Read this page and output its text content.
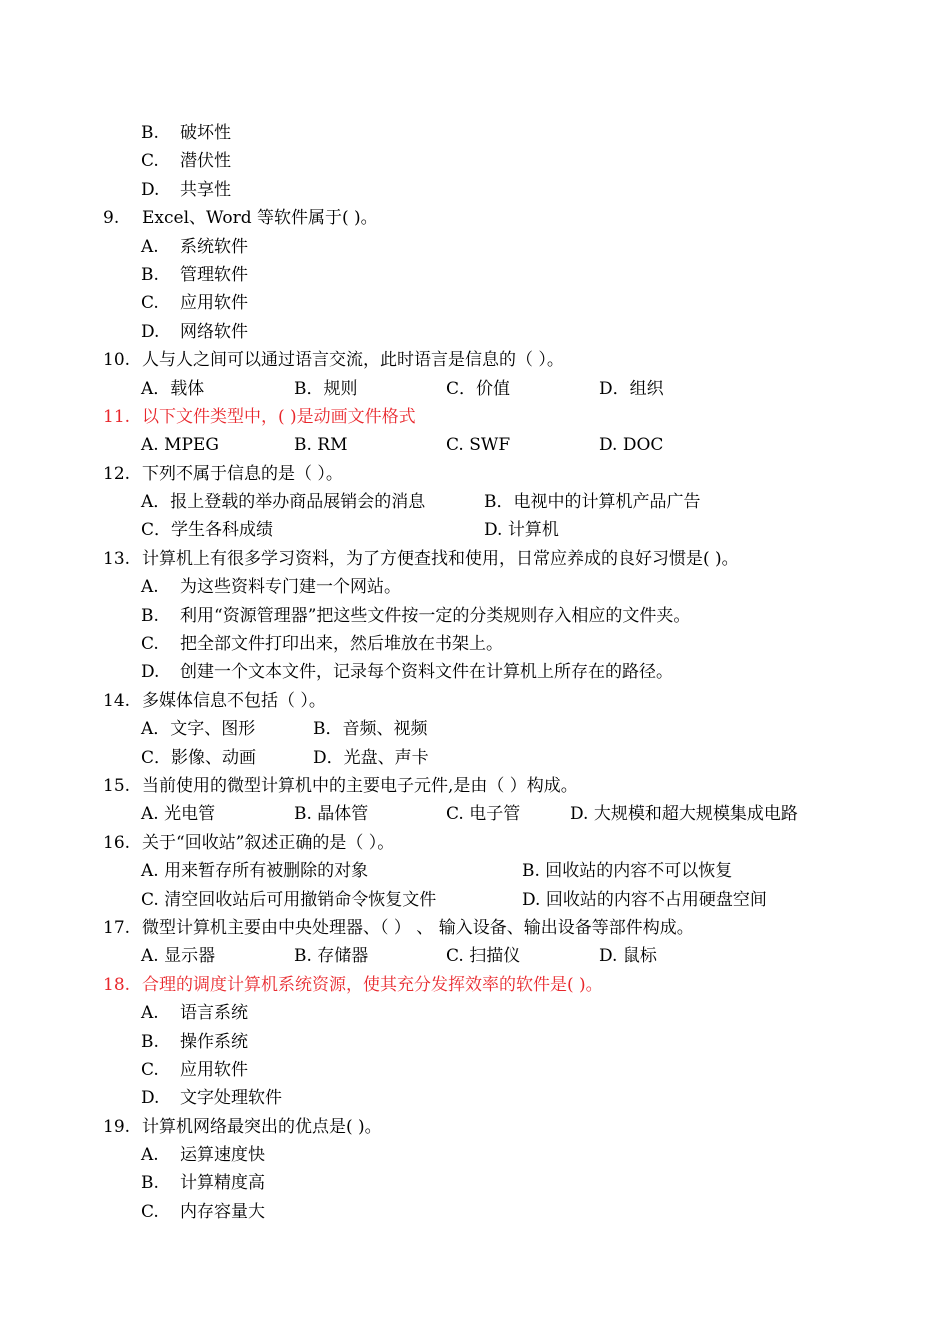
B. 破坏性
C. 潜伏性
D. 共享性
9. Excel、Word 等软件属于( )。
A. 系统软件
B. 管理软件
C. 应用软件
D. 网络软件
10. 人与人之间可以通过语言交流，此时语言是信息的（ ）。
A．载体	B．规则	C．价值	D．组织
11. 以下文件类型中，( )是动画文件格式
A. MPEG	B. RM	C. SWF	D. DOC
12. 下列不属于信息的是（ ）。
A．报上登载的举办商品展销会的消息	B．电视中的计算机产品广告
C．学生各科成绩	D. 计算机
13. 计算机上有很多学习资料，为了方便查找和使用，日常应养成的良好习惯是( )。
A. 为这些资料专门建一个网站。
B. 利用“资源管理器”把这些文件按一定的分类规则存入相应的文件夹。
C. 把全部文件打印出来，然后堆放在书架上。
D. 创建一个文本文件，记录每个资料文件在计算机上所存在的路径。
14. 多媒体信息不包括（ ）。
A．文字、图形	B．音频、视频
C．影像、动画	D．光盘、声卡
15. 当前使用的微型计算机中的主要电子元件,是由（ ）构成。
A. 光电管	B. 晶体管	C. 电子管	D. 大规模和超大规模集成电路
16. 关于“回收站”叙述正确的是（ ）。
A. 用来暂存所有被删除的对象	B. 回收站的内容不可以恢复
C. 清空回收站后可用撤销命令恢复文件	D. 回收站的内容不占用硬盘空间
17. 微型计算机主要由中央处理器、（ ） 、 输入设备、输出设备等部件构成。
A. 显示器	B. 存储器	C. 扫描仪	D. 鼠标
18. 合理的调度计算机系统资源，使其充分发挥效率的软件是( )。
A. 语言系统
B. 操作系统
C. 应用软件
D. 文字处理软件
19. 计算机网络最突出的优点是( )。
A. 运算速度快
B. 计算精度高
C. 内存容量大
